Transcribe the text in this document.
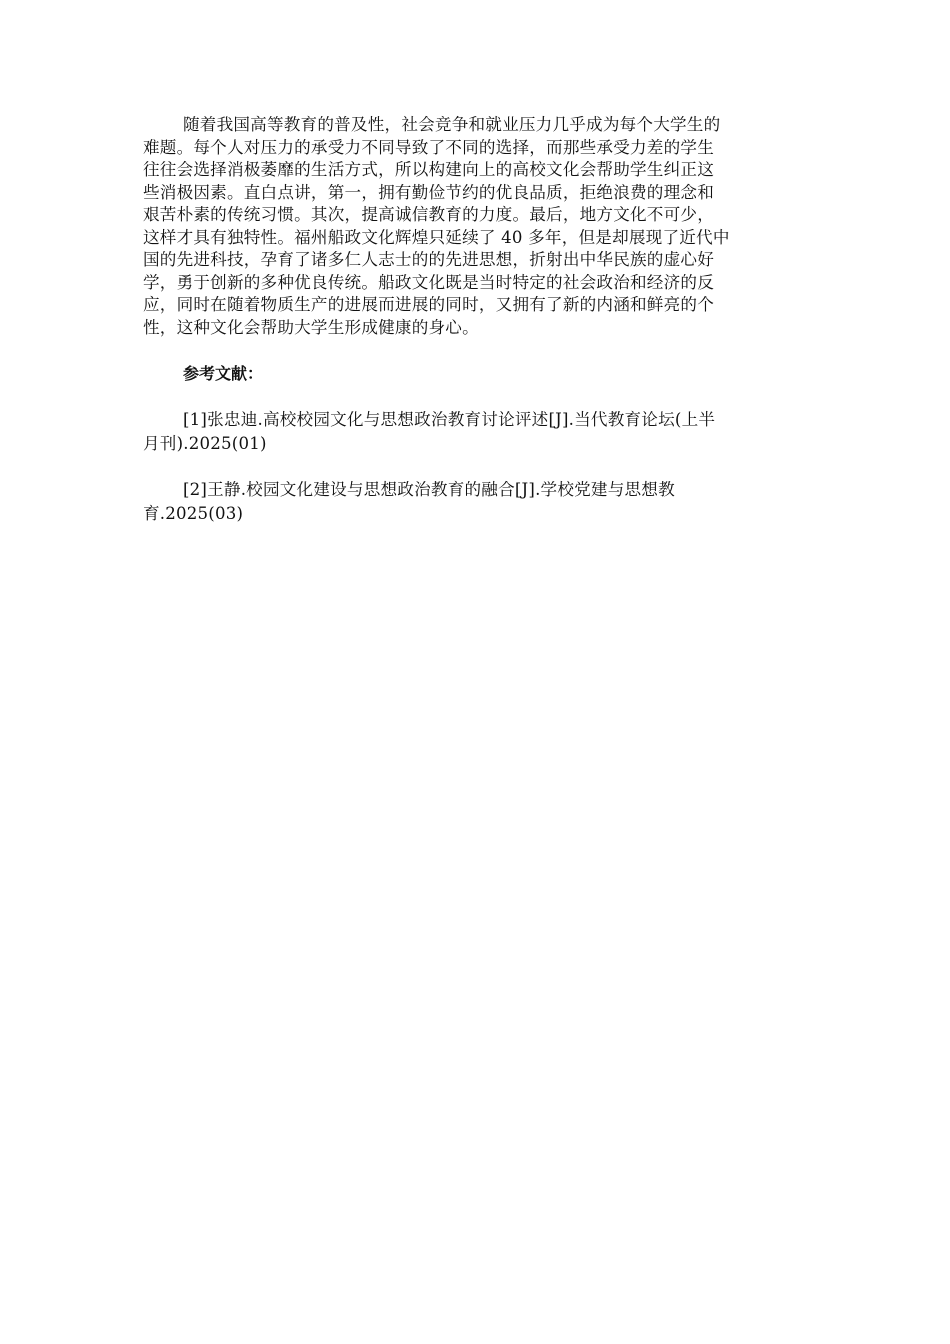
随着我国高等教育的普及性，社会竞争和就业压力几乎成为每个大学生的
难题。每个人对压力的承受力不同导致了不同的选择，而那些承受力差的学生
往往会选择消极萎靡的生活方式，所以构建向上的高校文化会帮助学生纠正这
些消极因素。直白点讲，第一，拥有勤俭节约的优良品质，拒绝浪费的理念和
艰苦朴素的传统习惯。其次，提高诚信教育的力度。最后，地方文化不可少，
这样才具有独特性。福州船政文化辉煌只延续了 40 多年，但是却展现了近代中
国的先进科技，孕育了诸多仁人志士的的先进思想，折射出中华民族的虚心好
学，勇于创新的多种优良传统。船政文化既是当时特定的社会政治和经济的反
应，同时在随着物质生产的进展而进展的同时，又拥有了新的内涵和鲜亮的个
性，这种文化会帮助大学生形成健康的身心。
参考文献：
[1]张忠迪.高校校园文化与思想政治教育讨论评述[J].当代教育论坛(上半
月刊).2025(01)
[2]王静.校园文化建设与思想政治教育的融合[J].学校党建与思想教
育.2025(03)
